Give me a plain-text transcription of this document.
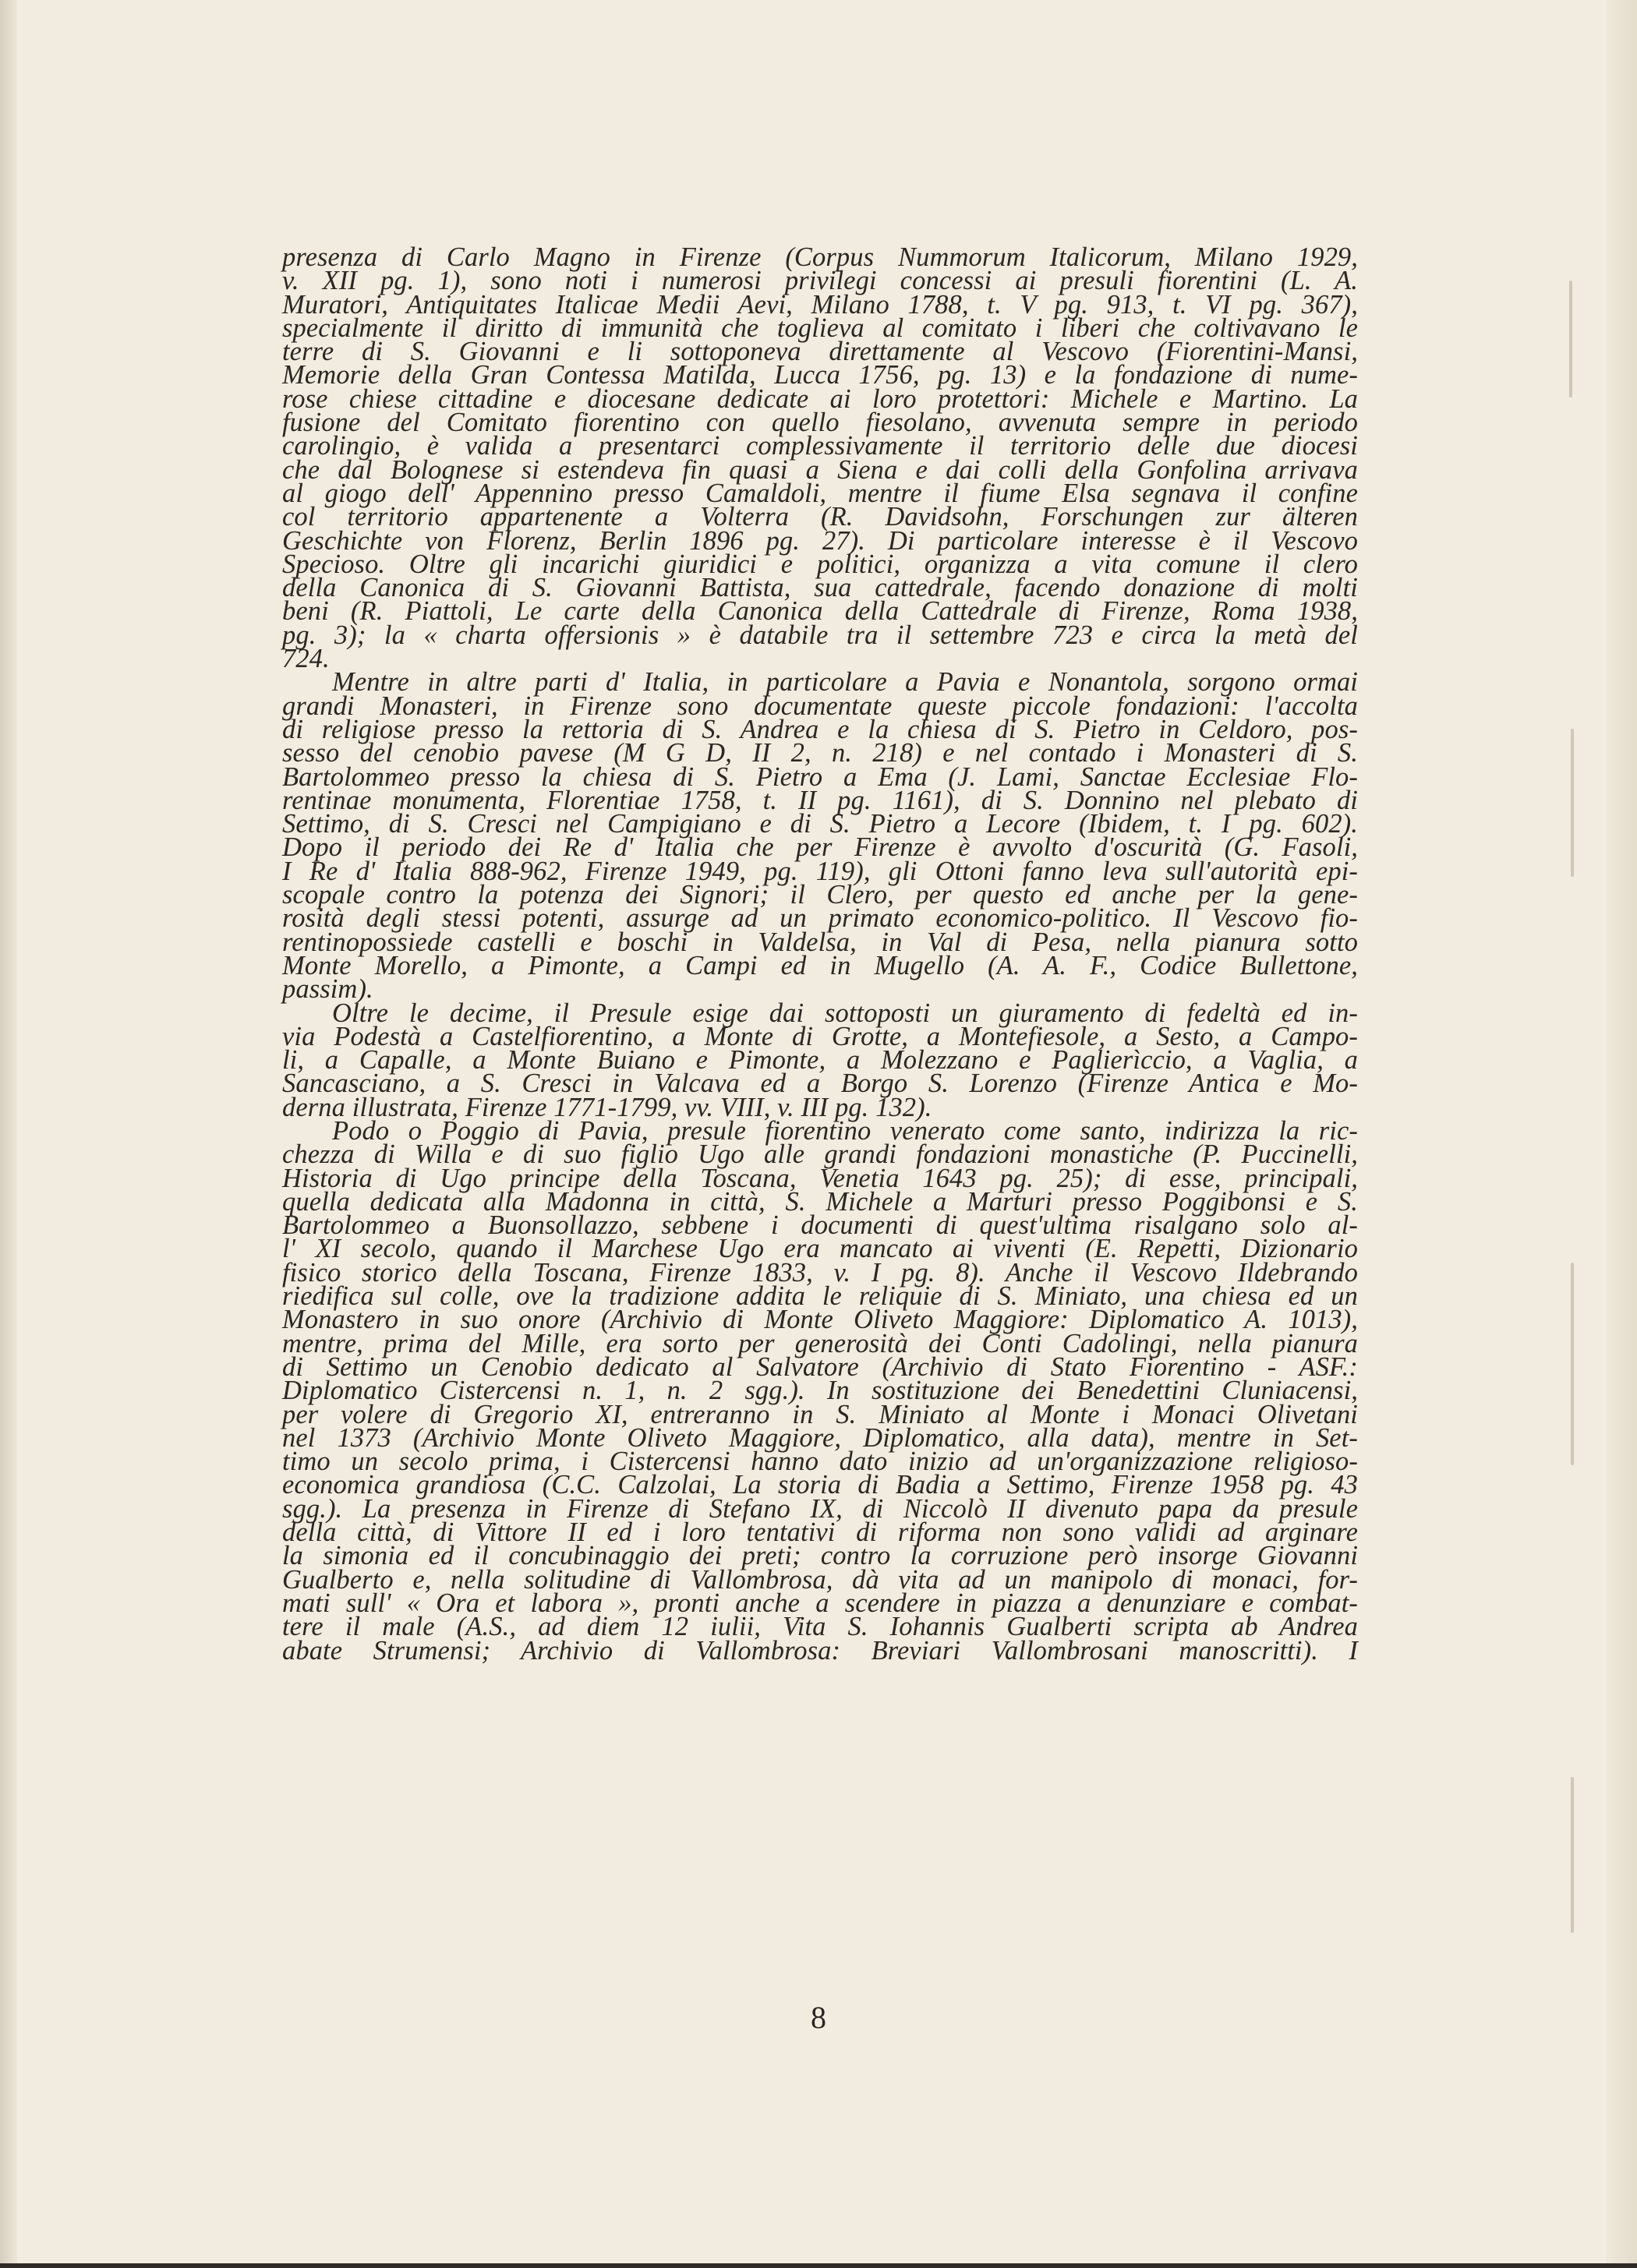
presenza di Carlo Magno in Firenze (Corpus Nummorum Italicorum, Milano 1929,
v. XII pg. 1), sono noti i numerosi privilegi concessi ai presuli fiorentini (L. A.
Muratori, Antiquitates Italicae Medii Aevi, Milano 1788, t. V pg. 913, t. VI pg. 367),
specialmente il diritto di immunità che toglieva al comitato i liberi che coltivavano le
terre di S. Giovanni e li sottoponeva direttamente al Vescovo (Fiorentini-Mansi,
Memorie della Gran Contessa Matilda, Lucca 1756, pg. 13) e la fondazione di nume-
rose chiese cittadine e diocesane dedicate ai loro protettori: Michele e Martino. La
fusione del Comitato fiorentino con quello fiesolano, avvenuta sempre in periodo
carolingio, è valida a presentarci complessivamente il territorio delle due diocesi
che dal Bolognese si estendeva fin quasi a Siena e dai colli della Gonfolina arrivava
al giogo dell' Appennino presso Camaldoli, mentre il fiume Elsa segnava il confine
col territorio appartenente a Volterra (R. Davidsohn, Forschungen zur älteren
Geschichte von Florenz, Berlin 1896 pg. 27). Di particolare interesse è il Vescovo
Specioso. Oltre gli incarichi giuridici e politici, organizza a vita comune il clero
della Canonica di S. Giovanni Battista, sua cattedrale, facendo donazione di molti
beni (R. Piattoli, Le carte della Canonica della Cattedrale di Firenze, Roma 1938,
pg. 3); la « charta offersionis » è databile tra il settembre 723 e circa la metà del
724.
Mentre in altre parti d' Italia, in particolare a Pavia e Nonantola, sorgono ormai
grandi Monasteri, in Firenze sono documentate queste piccole fondazioni: l'accolta
di religiose presso la rettoria di S. Andrea e la chiesa di S. Pietro in Celdoro, pos-
sesso del cenobio pavese (M G D, II 2, n. 218) e nel contado i Monasteri di S.
Bartolommeo presso la chiesa di S. Pietro a Ema (J. Lami, Sanctae Ecclesiae Flo-
rentinae monumenta, Florentiae 1758, t. II pg. 1161), di S. Donnino nel plebato di
Settimo, di S. Cresci nel Campigiano e di S. Pietro a Lecore (Ibidem, t. I pg. 602).
Dopo il periodo dei Re d' Italia che per Firenze è avvolto d'oscurità (G. Fasoli,
I Re d' Italia 888-962, Firenze 1949, pg. 119), gli Ottoni fanno leva sull'autorità epi-
scopale contro la potenza dei Signori; il Clero, per questo ed anche per la gene-
rosità degli stessi potenti, assurge ad un primato economico-politico. Il Vescovo fio-
rentinopossiede castelli e boschi in Valdelsa, in Val di Pesa, nella pianura sotto
Monte Morello, a Pimonte, a Campi ed in Mugello (A. A. F., Codice Bullettone,
passim).
Oltre le decime, il Presule esige dai sottoposti un giuramento di fedeltà ed in-
via Podestà a Castelfiorentino, a Monte di Grotte, a Montefiesole, a Sesto, a Campo-
li, a Capalle, a Monte Buiano e Pimonte, a Molezzano e Paglierìccio, a Vaglia, a
Sancasciano, a S. Cresci in Valcava ed a Borgo S. Lorenzo (Firenze Antica e Mo-
derna illustrata, Firenze 1771-1799, vv. VIII, v. III pg. 132).
Podo o Poggio di Pavia, presule fiorentino venerato come santo, indirizza la ric-
chezza di Willa e di suo figlio Ugo alle grandi fondazioni monastiche (P. Puccinelli,
Historia di Ugo principe della Toscana, Venetia 1643 pg. 25); di esse, principali,
quella dedicata alla Madonna in città, S. Michele a Marturi presso Poggibonsi e S.
Bartolommeo a Buonsollazzo, sebbene i documenti di quest'ultima risalgano solo al-
l' XI secolo, quando il Marchese Ugo era mancato ai viventi (E. Repetti, Dizionario
fisico storico della Toscana, Firenze 1833, v. I pg. 8). Anche il Vescovo Ildebrando
riedifica sul colle, ove la tradizione addita le reliquie di S. Miniato, una chiesa ed un
Monastero in suo onore (Archivio di Monte Oliveto Maggiore: Diplomatico A. 1013),
mentre, prima del Mille, era sorto per generosità dei Conti Cadolingi, nella pianura
di Settimo un Cenobio dedicato al Salvatore (Archivio di Stato Fiorentino - ASF.:
Diplomatico Cistercensi n. 1, n. 2 sgg.). In sostituzione dei Benedettini Cluniacensi,
per volere di Gregorio XI, entreranno in S. Miniato al Monte i Monaci Olivetani
nel 1373 (Archivio Monte Oliveto Maggiore, Diplomatico, alla data), mentre in Set-
timo un secolo prima, i Cistercensi hanno dato inizio ad un'organizzazione religioso-
economica grandiosa (C.C. Calzolai, La storia di Badia a Settimo, Firenze 1958 pg. 43
sgg.). La presenza in Firenze di Stefano IX, di Niccolò II divenuto papa da presule
della città, di Vittore II ed i loro tentativi di riforma non sono validi ad arginare
la simonia ed il concubinaggio dei preti; contro la corruzione però insorge Giovanni
Gualberto e, nella solitudine di Vallombrosa, dà vita ad un manipolo di monaci, for-
mati sull' « Ora et labora », pronti anche a scendere in piazza a denunziare e combat-
tere il male (A.S., ad diem 12 iulii, Vita S. Iohannis Gualberti scripta ab Andrea
abate Strumensi; Archivio di Vallombrosa: Breviari Vallombrosani manoscritti). I
8
